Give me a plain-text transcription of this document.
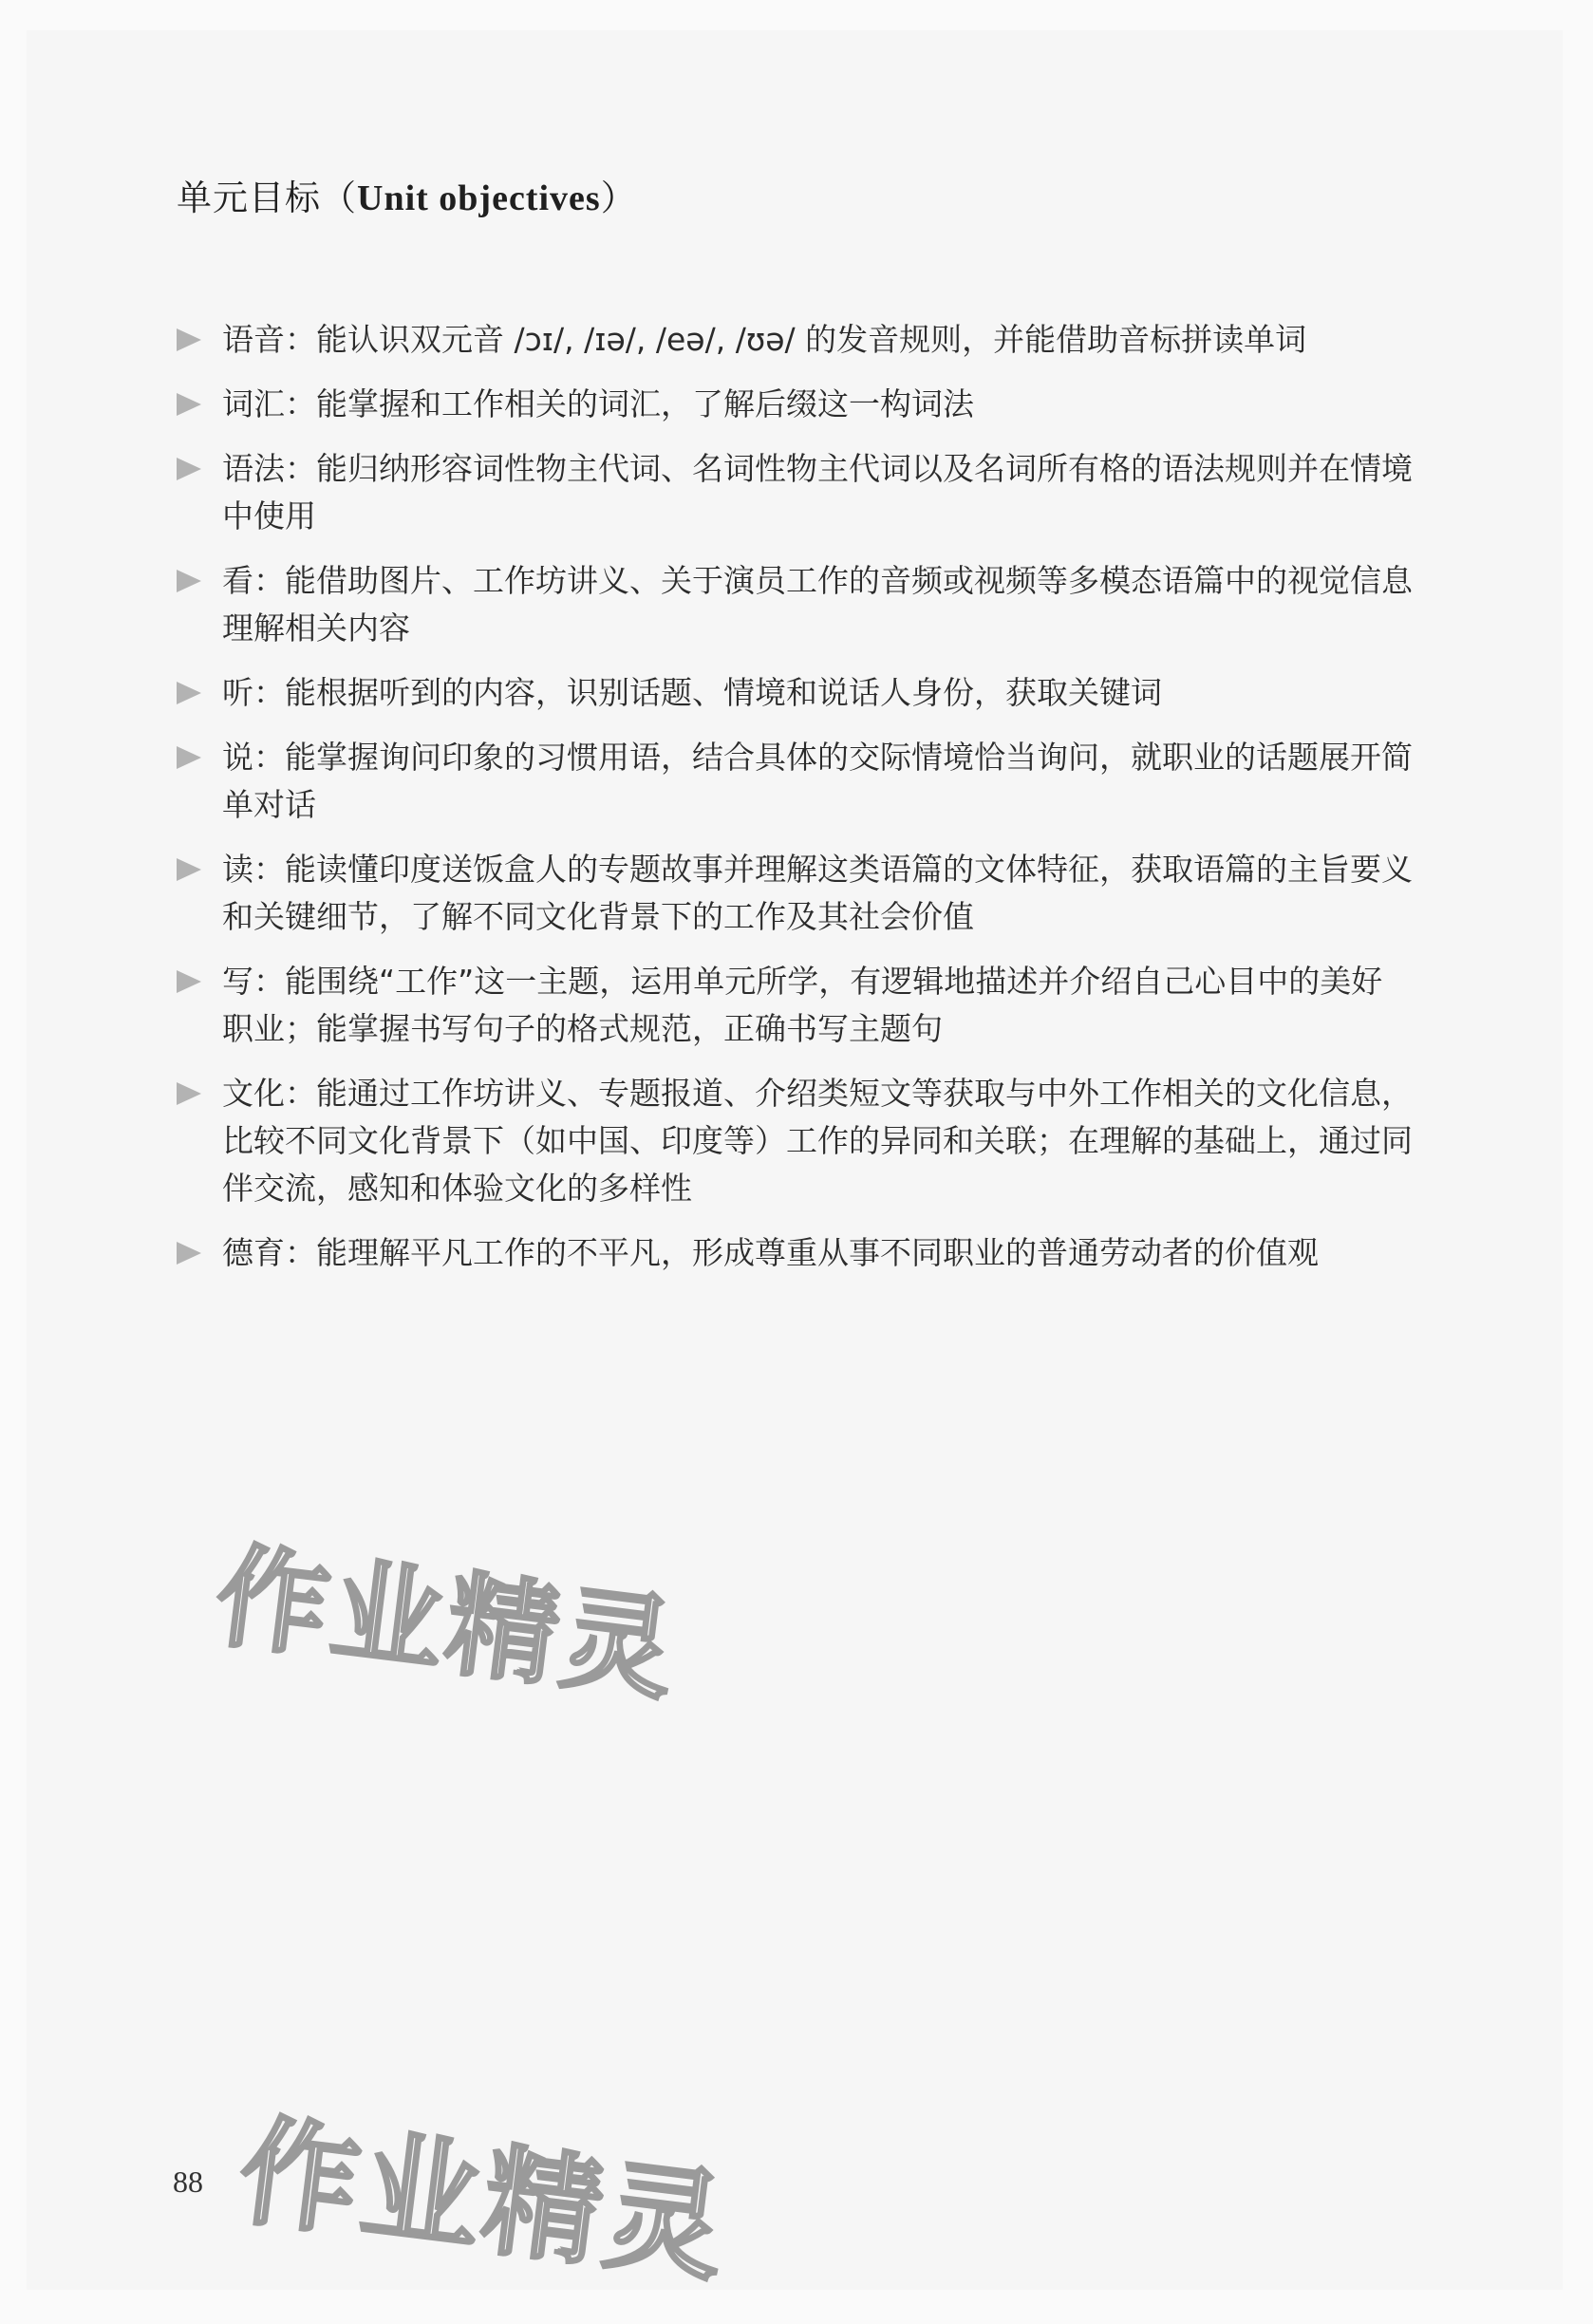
单元目标（Unit objectives）
语音：能认识双元音 /ɔɪ/, /ɪə/, /eə/, /ʊə/ 的发音规则，并能借助音标拼读单词
词汇：能掌握和工作相关的词汇，了解后缀这一构词法
语法：能归纳形容词性物主代词、名词性物主代词以及名词所有格的语法规则并在情境
中使用
看：能借助图片、工作坊讲义、关于演员工作的音频或视频等多模态语篇中的视觉信息
理解相关内容
听：能根据听到的内容，识别话题、情境和说话人身份，获取关键词
说：能掌握询问印象的习惯用语，结合具体的交际情境恰当询问，就职业的话题展开简
单对话
读：能读懂印度送饭盒人的专题故事并理解这类语篇的文体特征，获取语篇的主旨要义
和关键细节，了解不同文化背景下的工作及其社会价值
写：能围绕“工作”这一主题，运用单元所学，有逻辑地描述并介绍自己心目中的美好
职业；能掌握书写句子的格式规范，正确书写主题句
文化：能通过工作坊讲义、专题报道、介绍类短文等获取与中外工作相关的文化信息，
比较不同文化背景下（如中国、印度等）工作的异同和关联；在理解的基础上，通过同
伴交流，感知和体验文化的多样性
德育：能理解平凡工作的不平凡，形成尊重从事不同职业的普通劳动者的价值观
作业精灵
作业精灵
88
